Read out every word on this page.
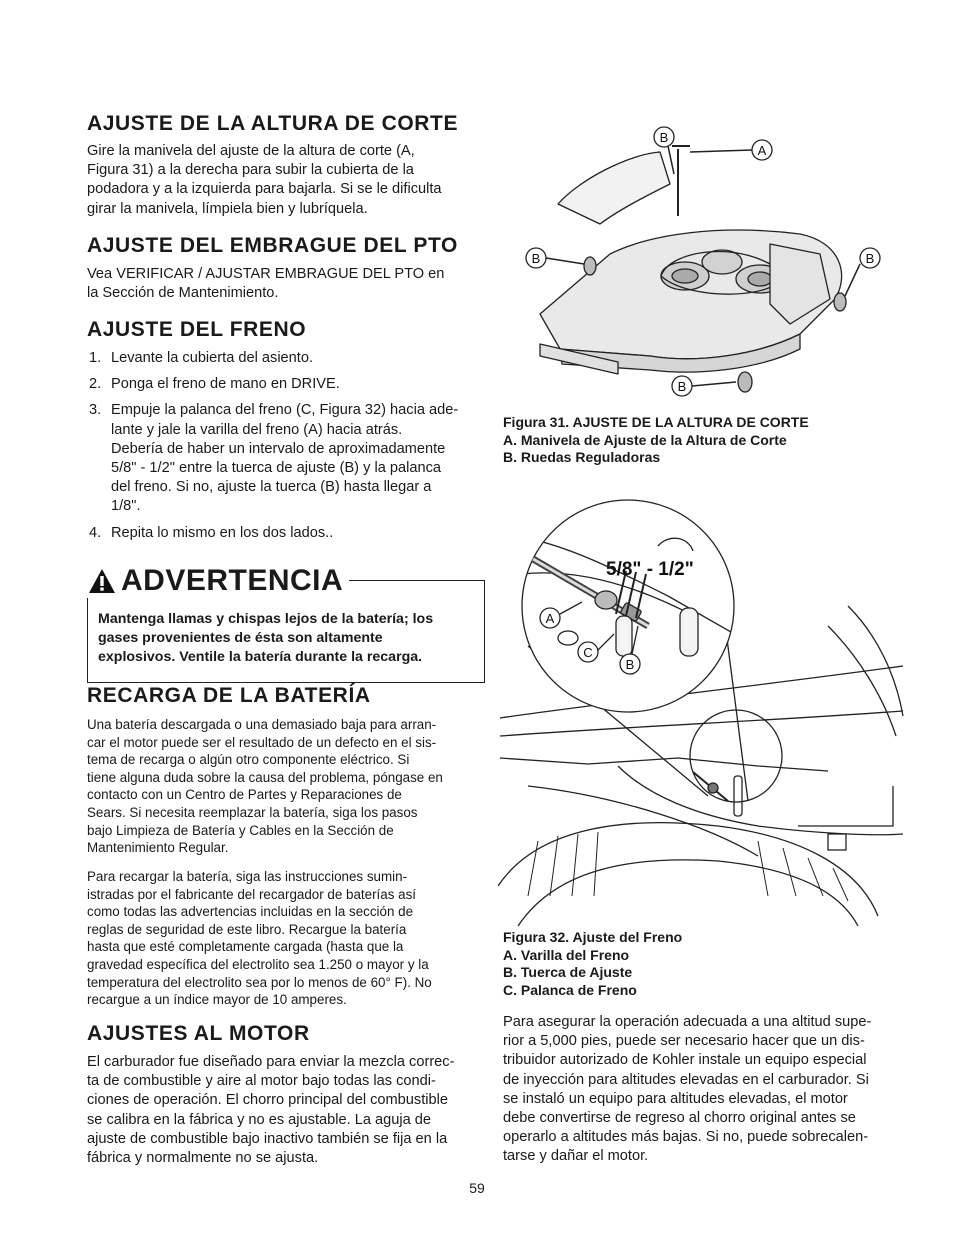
AJUSTE DE LA ALTURA DE CORTE

Gire la manivela del ajuste de la altura de corte (A,

Figura 31) a la derecha para subir la cubierta de la

podadora y a la izquierda para bajarla. Si se le dificulta

girar la manivela, límpiela bien y lubríquela.

AJUSTE DEL EMBRAGUE DEL PTO

Vea VERIFICAR / AJUSTAR EMBRAGUE DEL PTO en

la Sección de Mantenimiento.

AJUSTE DEL FRENO
1. Levante la cubierta del asiento.
2. Ponga el freno de mano en DRIVE.
3. Empuje la palanca del freno (C, Figura 32) hacia ade-
lante y jale la varilla del freno (A) hacia atrás.
Debería de haber un intervalo de aproximadamente
5/8" - 1/2" entre la tuerca de ajuste (B) y la palanca
del freno. Si no, ajuste la tuerca (B) hasta llegar a
1/8".
4. Repita lo mismo en los dos lados..
ADVERTENCIA
Mantenga llamas y chispas lejos de la batería; los
gases provenientes de ésta son altamente
explosivos. Ventile la batería durante la recarga.
RECARGA DE LA BATERÍA

Una batería descargada o una demasiado baja para arran-

car el motor puede ser el resultado de un defecto en el sis-

tema de recarga o algún otro componente eléctrico. Si

tiene alguna duda sobre la causa del problema, póngase en

contacto con un Centro de Partes y Reparaciones de

Sears. Si necesita reemplazar la batería, siga los pasos

bajo Limpieza de Batería y Cables en la Sección de

Mantenimiento Regular.

Para recargar la batería, siga las instrucciones sumin-

istradas por el fabricante del recargador de baterías así

como todas las advertencias incluidas en la sección de

reglas de seguridad de este libro. Recargue la batería

hasta que esté completamente cargada (hasta que la

gravedad específica del electrolito sea 1.250 o mayor y la

temperatura del electrolito sea por lo menos de 60° F). No

recargue a un índice mayor de 10 amperes.

AJUSTES AL MOTOR

El carburador fue diseñado para enviar la mezcla correc-

ta de combustible y aire al motor bajo todas las condi-

ciones de operación. El chorro principal del combustible

se calibra en la fábrica y no es ajustable. La aguja de

ajuste de combustible bajo inactivo también se fija en la

fábrica y normalmente no se ajusta.

B
A
B	B
B
Figura 31. AJUSTE DE LA ALTURA DE CORTE
A. Manivela de Ajuste de la Altura de Corte
B. Ruedas Reguladoras
5/8" - 1/2"
A
C
B
Figura 32. Ajuste del Freno
A. Varilla del Freno
B. Tuerca de Ajuste
C. Palanca de Freno

Para asegurar la operación adecuada a una altitud supe-

rior a 5,000 pies, puede ser necesario hacer que un dis-

tribuidor autorizado de Kohler instale un equipo especial

de inyección para altitudes elevadas en el carburador. Si

se instaló un equipo para altitudes elevadas, el motor

debe convertirse de regreso al chorro original antes se

operarlo a altitudes más bajas. Si no, puede sobrecalen-

tarse y dañar el motor.

59
